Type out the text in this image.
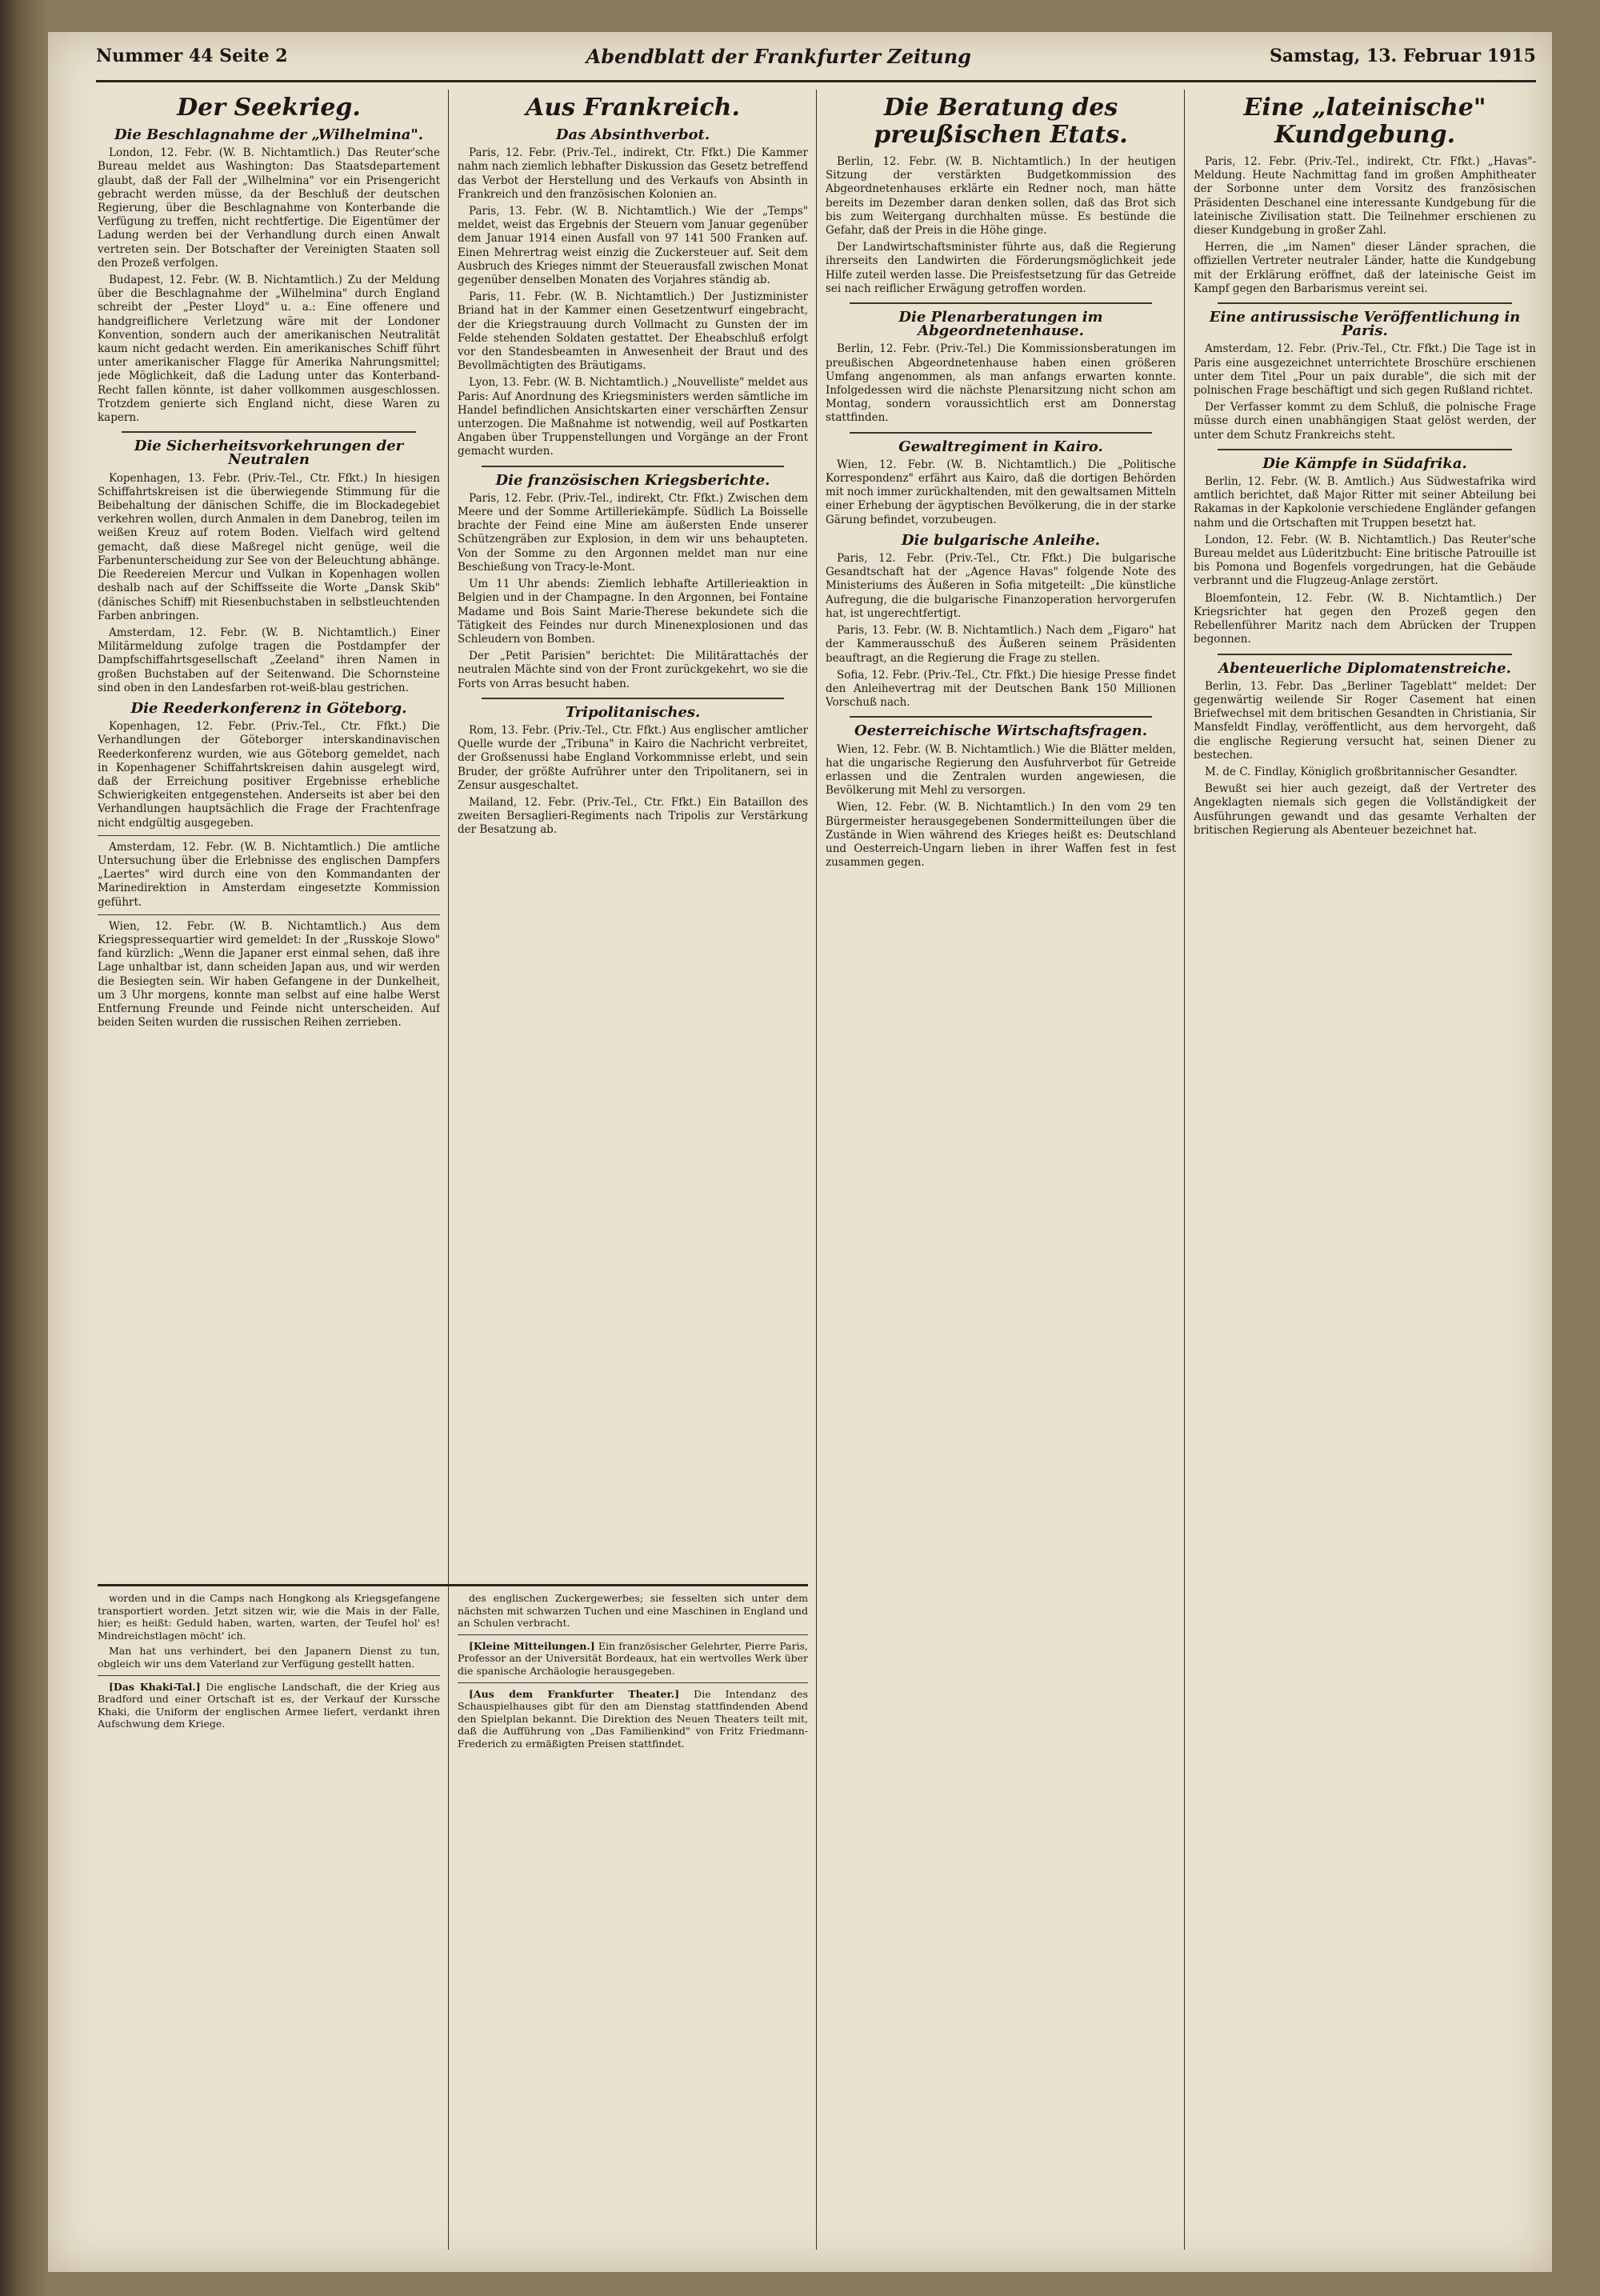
Nummer 44 Seite 2	Abendblatt der Frankfurter Zeitung	Samstag, 13. Februar 1915
Der Seekrieg.
Die Beschlagnahme der „Wilhelmina".

London, 12. Febr. (W. B. Nichtamtlich.) Das Reuter'sche Bureau meldet aus Washington: Das Staatsdepartement glaubt, daß der Fall der „Wilhelmina" vor ein Prisengericht gebracht werden müsse, da der Beschluß der deutschen Regierung, über die Beschlagnahme von Konterbande die Verfügung zu treffen, nicht rechtfertige. Die Eigentümer der Ladung werden bei der Verhandlung durch einen Anwalt vertreten sein. Der Botschafter der Vereinigten Staaten soll den Prozeß verfolgen.

Budapest, 12. Febr. (W. B. Nichtamtlich.) Zu der Meldung über die Beschlagnahme der „Wilhelmina" durch England schreibt der „Pester Lloyd" u. a.: Eine offenere und handgreiflichere Verletzung wäre mit der Londoner Konvention, sondern auch der amerikanischen Neutralität kaum nicht gedacht werden. Ein amerikanisches Schiff führt unter amerikanischer Flagge für Amerika Nahrungsmittel; jede Möglichkeit, daß die Ladung unter das Konterband-Recht fallen könnte, ist daher vollkommen ausgeschlossen. Trotzdem genierte sich England nicht, diese Waren zu kapern.

Die Sicherheitsvorkehrungen der Neutralen

Kopenhagen, 13. Febr. (Priv.-Tel., Ctr. Ffkt.) In hiesigen Schiffahrtskreisen ist die überwiegende Stimmung für die Beibehaltung der dänischen Schiffe, die im Blockadegebiet verkehren wollen, durch Anmalen in dem Danebrog, teilen im weißen Kreuz auf rotem Boden. Vielfach wird geltend gemacht, daß diese Maßregel nicht genüge, weil die Farbenunterscheidung zur See von der Beleuchtung abhänge. Die Reedereien Mercur und Vulkan in Kopenhagen wollen deshalb nach auf der Schiffsseite die Worte „Dansk Skib" (dänisches Schiff) mit Riesenbuchstaben in selbstleuchtenden Farben anbringen.

Amsterdam, 12. Febr. (W. B. Nichtamtlich.) Einer Militärmeldung zufolge tragen die Postdampfer der Dampfschiffahrtsgesellschaft „Zeeland" ihren Namen in großen Buchstaben auf der Seitenwand. Die Schornsteine sind oben in den Landesfarben rot-weiß-blau gestrichen.

Die Reederkonferenz in Göteborg.

Kopenhagen, 12. Febr. (Priv.-Tel., Ctr. Ffkt.) Die Verhandlungen der Göteborger interskandinavischen Reederkonferenz wurden, wie aus Göteborg gemeldet, nach in Kopenhagener Schiffahrtskreisen dahin ausgelegt wird, daß der Erreichung positiver Ergebnisse erhebliche Schwierigkeiten entgegenstehen. Anderseits ist aber bei den Verhandlungen hauptsächlich die Frage der Frachtenfrage nicht endgültig ausgegeben.

Amsterdam, 12. Febr. (W. B. Nichtamtlich.) Die amtliche Untersuchung über die Erlebnisse des englischen Dampfers „Laertes" wird durch eine von den Kommandanten der Marinedirektion in Amsterdam eingesetzte Kommission geführt.

Wien, 12. Febr. (W. B. Nichtamtlich.) Aus dem Kriegspressequartier wird gemeldet: In der „Russkoje Slowo" fand kürzlich: „Wenn die Japaner erst einmal sehen, daß ihre Lage unhaltbar ist, dann scheiden Japan aus, und wir werden die Besiegten sein. Wir haben Gefangene in der Dunkelheit, um 3 Uhr morgens, konnte man selbst auf eine halbe Werst Entfernung Freunde und Feinde nicht unterscheiden. Auf beiden Seiten wurden die russischen Reihen zerrieben.

Aus Frankreich.
Das Absinthverbot.

Paris, 12. Febr. (Priv.-Tel., indirekt, Ctr. Ffkt.) Die Kammer nahm nach ziemlich lebhafter Diskussion das Gesetz betreffend das Verbot der Herstellung und des Verkaufs von Absinth in Frankreich und den französischen Kolonien an.

Paris, 13. Febr. (W. B. Nichtamtlich.) Wie der „Temps" meldet, weist das Ergebnis der Steuern vom Januar gegenüber dem Januar 1914 einen Ausfall von 97 141 500 Franken auf. Einen Mehrertrag weist einzig die Zuckersteuer auf. Seit dem Ausbruch des Krieges nimmt der Steuerausfall zwischen Monat gegenüber denselben Monaten des Vorjahres ständig ab.

Paris, 11. Febr. (W. B. Nichtamtlich.) Der Justizminister Briand hat in der Kammer einen Gesetzentwurf eingebracht, der die Kriegstrauung durch Vollmacht zu Gunsten der im Felde stehenden Soldaten gestattet. Der Eheabschluß erfolgt vor den Standesbeamten in Anwesenheit der Braut und des Bevollmächtigten des Bräutigams.

Lyon, 13. Febr. (W. B. Nichtamtlich.) „Nouvelliste" meldet aus Paris: Auf Anordnung des Kriegsministers werden sämtliche im Handel befindlichen Ansichtskarten einer verschärften Zensur unterzogen. Die Maßnahme ist notwendig, weil auf Postkarten Angaben über Truppenstellungen und Vorgänge an der Front gemacht wurden.

Die französischen Kriegsberichte.

Paris, 12. Febr. (Priv.-Tel., indirekt, Ctr. Ffkt.) Zwischen dem Meere und der Somme Artilleriekämpfe. Südlich La Boisselle brachte der Feind eine Mine am äußersten Ende unserer Schützengräben zur Explosion, in dem wir uns behaupteten. Von der Somme zu den Argonnen meldet man nur eine Beschießung von Tracy-le-Mont.

Um 11 Uhr abends: Ziemlich lebhafte Artillerieaktion in Belgien und in der Champagne. In den Argonnen, bei Fontaine Madame und Bois Saint Marie-Therese bekundete sich die Tätigkeit des Feindes nur durch Minenexplosionen und das Schleudern von Bomben.

Der „Petit Parisien" berichtet: Die Militärattachés der neutralen Mächte sind von der Front zurückgekehrt, wo sie die Forts von Arras besucht haben.

Tripolitanisches.

Rom, 13. Febr. (Priv.-Tel., Ctr. Ffkt.) Aus englischer amtlicher Quelle wurde der „Tribuna" in Kairo die Nachricht verbreitet, der Großsenussi habe England Vorkommnisse erlebt, und sein Bruder, der größte Aufrührer unter den Tripolitanern, sei in Zensur ausgeschaltet.

Mailand, 12. Febr. (Priv.-Tel., Ctr. Ffkt.) Ein Bataillon des zweiten Bersaglieri-Regiments nach Tripolis zur Verstärkung der Besatzung ab.

Die Beratung des preußischen Etats.

Berlin, 12. Febr. (W. B. Nichtamtlich.) In der heutigen Sitzung der verstärkten Budgetkommission des Abgeordnetenhauses erklärte ein Redner noch, man hätte bereits im Dezember daran denken sollen, daß das Brot sich bis zum Weitergang durchhalten müsse. Es bestünde die Gefahr, daß der Preis in die Höhe ginge.

Der Landwirtschaftsminister führte aus, daß die Regierung ihrerseits den Landwirten die Förderungsmöglichkeit jede Hilfe zuteil werden lasse. Die Preisfestsetzung für das Getreide sei nach reiflicher Erwägung getroffen worden.

Die Plenarberatungen im Abgeordnetenhause.

Berlin, 12. Febr. (Priv.-Tel.) Die Kommissionsberatungen im preußischen Abgeordnetenhause haben einen größeren Umfang angenommen, als man anfangs erwarten konnte. Infolgedessen wird die nächste Plenarsitzung nicht schon am Montag, sondern voraussichtlich erst am Donnerstag stattfinden.

Gewaltregiment in Kairo.

Wien, 12. Febr. (W. B. Nichtamtlich.) Die „Politische Korrespondenz" erfährt aus Kairo, daß die dortigen Behörden mit noch immer zurückhaltenden, mit den gewaltsamen Mitteln einer Erhebung der ägyptischen Bevölkerung, die in der starke Gärung befindet, vorzubeugen.

Die bulgarische Anleihe.

Paris, 12. Febr. (Priv.-Tel., Ctr. Ffkt.) Die bulgarische Gesandtschaft hat der „Agence Havas" folgende Note des Ministeriums des Äußeren in Sofia mitgeteilt: „Die künstliche Aufregung, die die bulgarische Finanzoperation hervorgerufen hat, ist ungerechtfertigt.

Paris, 13. Febr. (W. B. Nichtamtlich.) Nach dem „Figaro" hat der Kammerausschuß des Äußeren seinem Präsidenten beauftragt, an die Regierung die Frage zu stellen.

Sofia, 12. Febr. (Priv.-Tel., Ctr. Ffkt.) Die hiesige Presse findet den Anleihevertrag mit der Deutschen Bank 150 Millionen Vorschuß nach.

Oesterreichische Wirtschaftsfragen.

Wien, 12. Febr. (W. B. Nichtamtlich.) Wie die Blätter melden, hat die ungarische Regierung den Ausfuhrverbot für Getreide erlassen und die Zentralen wurden angewiesen, die Bevölkerung mit Mehl zu versorgen.

Wien, 12. Febr. (W. B. Nichtamtlich.) In den vom 29 ten Bürgermeister herausgegebenen Sondermitteilungen über die Zustände in Wien während des Krieges heißt es: Deutschland und Oesterreich-Ungarn lieben in ihrer Waffen fest in fest zusammen gegen.

Eine „lateinische" Kundgebung.

Paris, 12. Febr. (Priv.-Tel., indirekt, Ctr. Ffkt.) „Havas"-Meldung. Heute Nachmittag fand im großen Amphitheater der Sorbonne unter dem Vorsitz des französischen Präsidenten Deschanel eine interessante Kundgebung für die lateinische Zivilisation statt. Die Teilnehmer erschienen zu dieser Kundgebung in großer Zahl.

Herren, die „im Namen" dieser Länder sprachen, die offiziellen Vertreter neutraler Länder, hatte die Kundgebung mit der Erklärung eröffnet, daß der lateinische Geist im Kampf gegen den Barbarismus vereint sei.

Eine antirussische Veröffentlichung in Paris.

Amsterdam, 12. Febr. (Priv.-Tel., Ctr. Ffkt.) Die Tage ist in Paris eine ausgezeichnet unterrichtete Broschüre erschienen unter dem Titel „Pour un paix durable", die sich mit der polnischen Frage beschäftigt und sich gegen Rußland richtet.

Der Verfasser kommt zu dem Schluß, die polnische Frage müsse durch einen unabhängigen Staat gelöst werden, der unter dem Schutz Frankreichs steht.

Die Kämpfe in Südafrika.

Berlin, 12. Febr. (W. B. Amtlich.) Aus Südwestafrika wird amtlich berichtet, daß Major Ritter mit seiner Abteilung bei Rakamas in der Kapkolonie verschiedene Engländer gefangen nahm und die Ortschaften mit Truppen besetzt hat.

London, 12. Febr. (W. B. Nichtamtlich.) Das Reuter'sche Bureau meldet aus Lüderitzbucht: Eine britische Patrouille ist bis Pomona und Bogenfels vorgedrungen, hat die Gebäude verbrannt und die Flugzeug-Anlage zerstört.

Bloemfontein, 12. Febr. (W. B. Nichtamtlich.) Der Kriegsrichter hat gegen den Prozeß gegen den Rebellenführer Maritz nach dem Abrücken der Truppen begonnen.

Abenteuerliche Diplomatenstreiche.

Berlin, 13. Febr. Das „Berliner Tageblatt" meldet: Der gegenwärtig weilende Sir Roger Casement hat einen Briefwechsel mit dem britischen Gesandten in Christiania, Sir Mansfeldt Findlay, veröffentlicht, aus dem hervorgeht, daß die englische Regierung versucht hat, seinen Diener zu bestechen.

M. de C. Findlay, Königlich großbritannischer Gesandter.

Bewußt sei hier auch gezeigt, daß der Vertreter des Angeklagten niemals sich gegen die Vollständigkeit der Ausführungen gewandt und das gesamte Verhalten der britischen Regierung als Abenteuer bezeichnet hat.

worden und in die Camps nach Hongkong als Kriegsgefangene transportiert worden. Jetzt sitzen wir, wie die Mais in der Falle, hier; es heißt: Geduld haben, warten, warten, der Teufel hol' es! Mindreichstlagen möcht' ich.

Man hat uns verhindert, bei den Japanern Dienst zu tun, obgleich wir uns dem Vaterland zur Verfügung gestellt hatten.

[Das Khaki-Tal.] Die englische Landschaft, die der Krieg aus Bradford und einer Ortschaft ist es, der Verkauf der Kurssche Khaki, die Uniform der englischen Armee liefert, verdankt ihren Aufschwung dem Kriege.

des englischen Zuckergewerbes; sie fesselten sich unter dem nächsten mit schwarzen Tuchen und eine Maschinen in England und an Schulen verbracht.

[Kleine Mitteilungen.] Ein französischer Gelehrter, Pierre Paris, Professor an der Universität Bordeaux, hat ein wertvolles Werk über die spanische Archäologie herausgegeben.

[Aus dem Frankfurter Theater.] Die Intendanz des Schauspielhauses gibt für den am Dienstag stattfindenden Abend den Spielplan bekannt. Die Direktion des Neuen Theaters teilt mit, daß die Aufführung von „Das Familienkind" von Fritz Friedmann-Frederich zu ermäßigten Preisen stattfindet.
